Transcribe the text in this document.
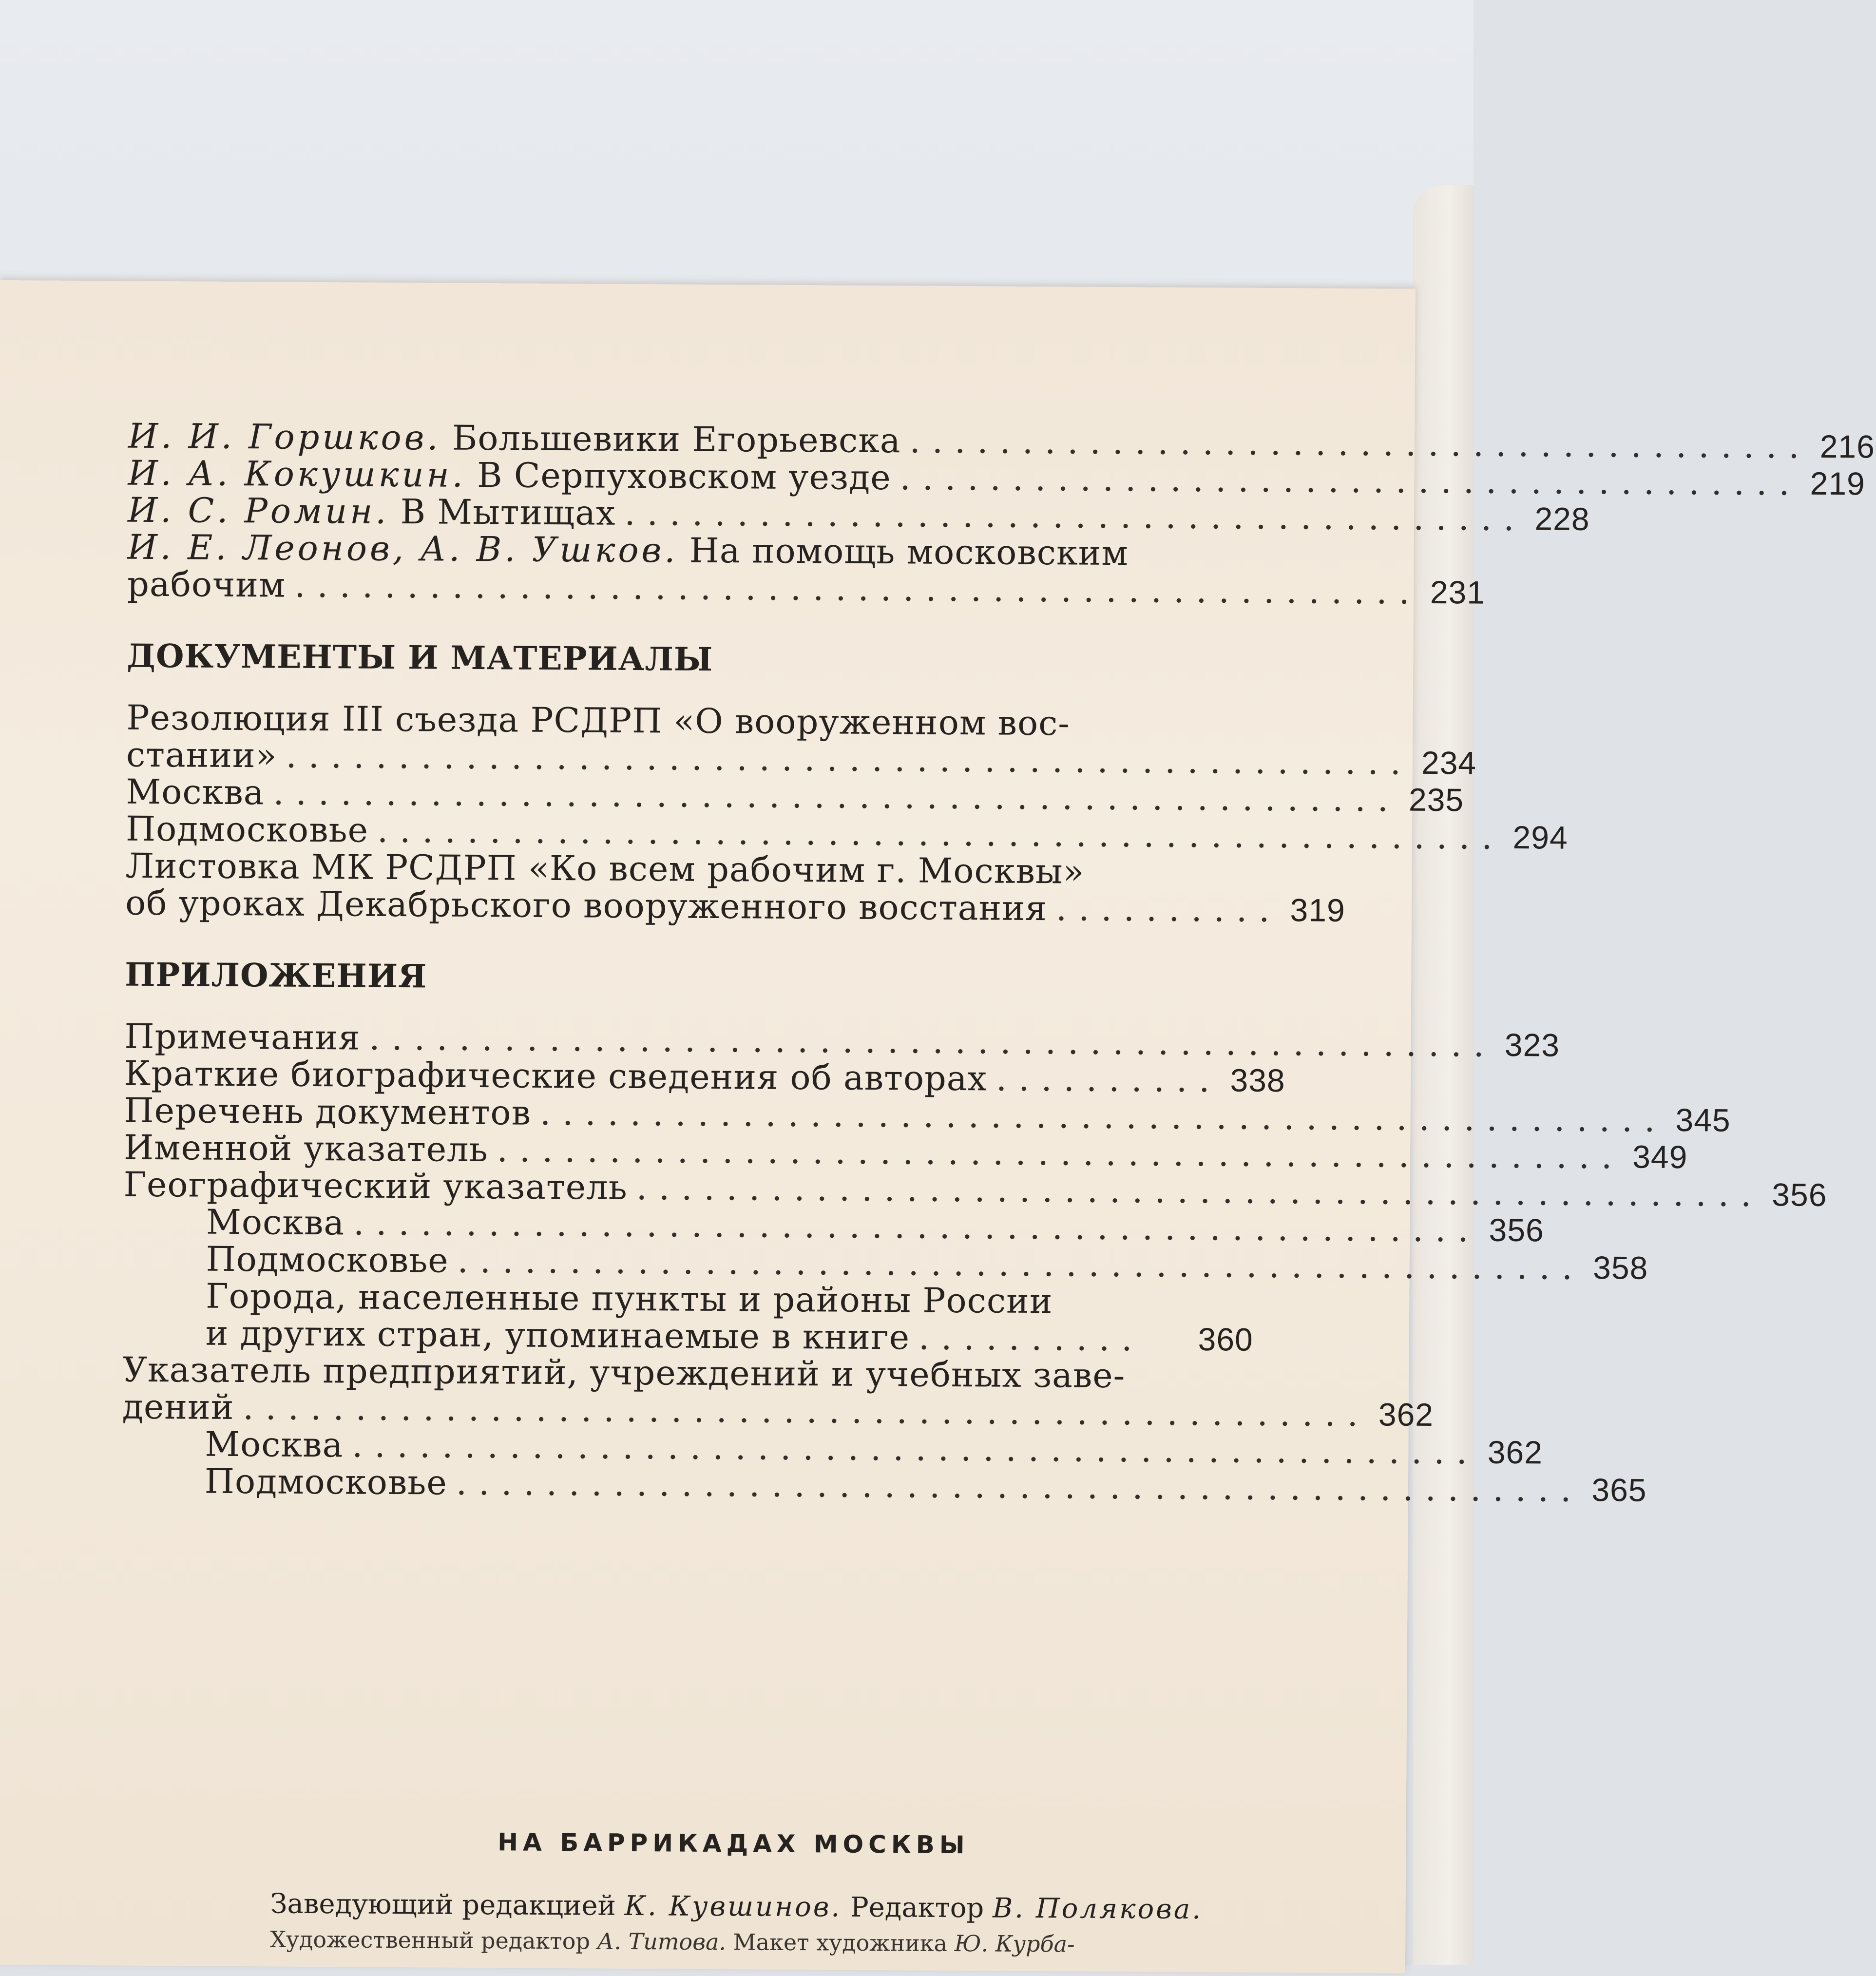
И. И. Горшков. Большевики Егорьевска ........................................ 216
И. А. Кокушкин. В Серпуховском уезде ........................................ 219
И. С. Ромин. В Мытищах ........................................ 228
И. Е. Леонов, А. В. Ушков. На помощь московским
рабочим .................................................. 231
ДОКУМЕНТЫ И МАТЕРИАЛЫ
Резолюция III съезда РСДРП «О вооруженном вос-
стании» .................................................. 234
Москва .................................................. 235
Подмосковье .................................................. 294
Листовка МК РСДРП «Ко всем рабочим г. Москвы»
об уроках Декабрьского вооруженного восстания .......... 319
ПРИЛОЖЕНИЯ
Примечания .................................................. 323
Краткие биографические сведения об авторах .......... 338
Перечень документов .................................................. 345
Именной указатель .................................................. 349
Географический указатель .................................................. 356
Москва .................................................. 356
Подмосковье .................................................. 358
Города, населенные пункты и районы России
и других стран, упоминаемые в книге ..........	360
Указатель предприятий, учреждений и учебных заве-
дений .................................................. 362
Москва .................................................. 362
Подмосковье .................................................. 365
НА БАРРИКАДАХ МОСКВЫ
Заведующий редакцией К. Кувшинов. Редактор В. Полякова.
Художественный редактор А. Титова. Макет художника Ю. Курба-
